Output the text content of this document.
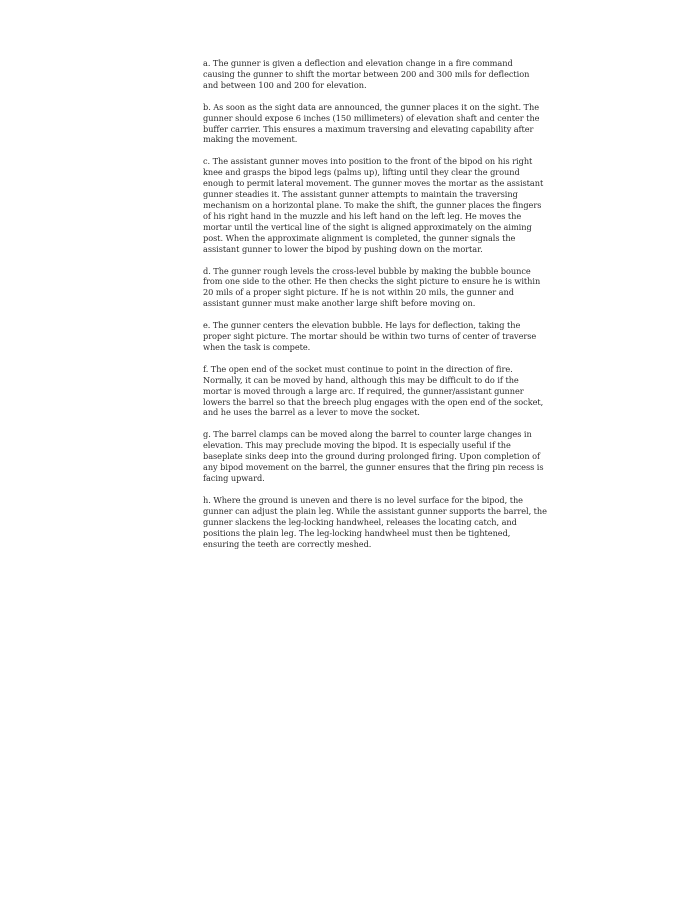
a. The gunner is given a deflection and elevation change in a fire command
causing the gunner to shift the mortar between 200 and 300 mils for deflection
and between 100 and 200 for elevation.

b. As soon as the sight data are announced, the gunner places it on the sight. The
gunner should expose 6 inches (150 millimeters) of elevation shaft and center the
buffer carrier. This ensures a maximum traversing and elevating capability after
making the movement.

c. The assistant gunner moves into position to the front of the bipod on his right
knee and grasps the bipod legs (palms up), lifting until they clear the ground
enough to permit lateral movement. The gunner moves the mortar as the assistant
gunner steadies it. The assistant gunner attempts to maintain the traversing
mechanism on a horizontal plane. To make the shift, the gunner places the fingers
of his right hand in the muzzle and his left hand on the left leg. He moves the
mortar until the vertical line of the sight is aligned approximately on the aiming
post. When the approximate alignment is completed, the gunner signals the
assistant gunner to lower the bipod by pushing down on the mortar.

d. The gunner rough levels the cross-level bubble by making the bubble bounce
from one side to the other. He then checks the sight picture to ensure he is within
20 mils of a proper sight picture. If he is not within 20 mils, the gunner and
assistant gunner must make another large shift before moving on.

e. The gunner centers the elevation bubble. He lays for deflection, taking the
proper sight picture. The mortar should be within two turns of center of traverse
when the task is compete.

f. The open end of the socket must continue to point in the direction of fire.
Normally, it can be moved by hand, although this may be difficult to do if the
mortar is moved through a large arc. If required, the gunner/assistant gunner
lowers the barrel so that the breech plug engages with the open end of the socket,
and he uses the barrel as a lever to move the socket.

g. The barrel clamps can be moved along the barrel to counter large changes in
elevation. This may preclude moving the bipod. It is especially useful if the
baseplate sinks deep into the ground during prolonged firing. Upon completion of
any bipod movement on the barrel, the gunner ensures that the firing pin recess is
facing upward.

h. Where the ground is uneven and there is no level surface for the bipod, the
gunner can adjust the plain leg. While the assistant gunner supports the barrel, the
gunner slackens the leg-locking handwheel, releases the locating catch, and
positions the plain leg. The leg-locking handwheel must then be tightened,
ensuring the teeth are correctly meshed.
